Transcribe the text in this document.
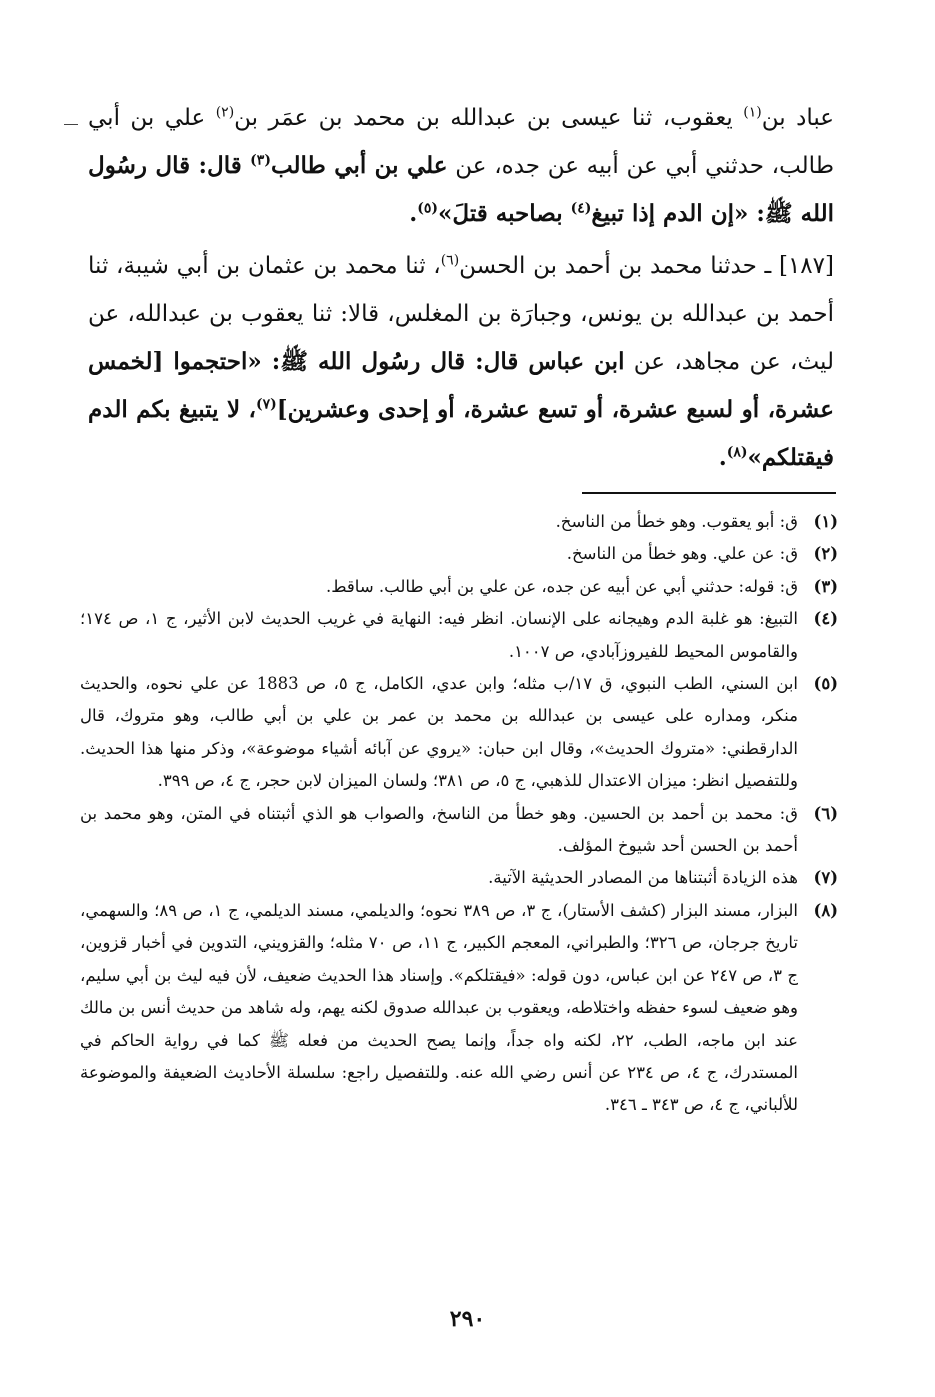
عباد بن$^{(١)}$ يعقوب، ثنا عيسى بن عبدالله بن محمد بن عمَر بن$^{(٢)}$ علي بن أبي طالب، حدثني أبي عن أبيه عن جده، عن علي بن أبي طالب$^{(٣)}$ قال: قال رسُول الله ﷺ: «إن الدم إذا تبيغ$^{(٤)}$ بصاحبه قتلَ»$^{(٥)}$.

[١٨٧] ـ حدثنا محمد بن أحمد بن الحسن$^{(٦)}$، ثنا محمد بن عثمان بن أبي شيبة، ثنا أحمد بن عبدالله بن يونس، وجبارَة بن المغلس، قالا: ثنا يعقوب بن عبدالله، عن ليث، عن مجاهد، عن ابن عباس قال: قال رسُول الله ﷺ: «احتجموا [لخمس عشرة، أو لسبع عشرة، أو تسع عشرة، أو إحدى وعشرين]$^{(٧)}$، لا يتبيغ بكم الدم فيقتلكم»$^{(٨)}$.

(١)
ق: أبو يعقوب. وهو خطأ من الناسخ.
(٢)
ق: عن علي. وهو خطأ من الناسخ.
(٣)
ق: قوله: حدثني أبي عن أبيه عن جده، عن علي بن أبي طالب. ساقط.
(٤)
التبيغ: هو غلبة الدم وهيجانه على الإنسان. انظر فيه: النهاية في غريب الحديث لابن الأثير، ج ١، ص ١٧٤؛ والقاموس المحيط للفيروزآبادي، ص ١٠٠٧.
(٥)
ابن السني، الطب النبوي، ق ١٧/ب مثله؛ وابن عدي، الكامل، ج ٥، ص 1883 عن علي نحوه، والحديث منكر، ومداره على عيسى بن عبدالله بن محمد بن عمر بن علي بن أبي طالب، وهو متروك، قال الدارقطني: «متروك الحديث»، وقال ابن حبان: «يروي عن آبائه أشياء موضوعة»، وذكر منها هذا الحديث. وللتفصيل انظر: ميزان الاعتدال للذهبي، ج ٥، ص ٣٨١؛ ولسان الميزان لابن حجر، ج ٤، ص ٣٩٩.
(٦)
ق: محمد بن أحمد بن الحسين. وهو خطأ من الناسخ، والصواب هو الذي أثبتناه في المتن، وهو محمد بن أحمد بن الحسن أحد شيوخ المؤلف.
(٧)
هذه الزيادة أثبتناها من المصادر الحديثية الآتية.
(٨)
البزار، مسند البزار (كشف الأستار)، ج ٣، ص ٣٨٩ نحوه؛ والديلمي، مسند الديلمي، ج ١، ص ٨٩؛ والسهمي، تاريخ جرجان، ص ٣٢٦؛ والطبراني، المعجم الكبير، ج ١١، ص ٧٠ مثله؛ والقزويني، التدوين في أخبار قزوين، ج ٣، ص ٢٤٧ عن ابن عباس، دون قوله: «فيقتلكم». وإسناد هذا الحديث ضعيف، لأن فيه ليث بن أبي سليم، وهو ضعيف لسوء حفظه واختلاطه، ويعقوب بن عبدالله صدوق لكنه يهم، وله شاهد من حديث أنس بن مالك عند ابن ماجه، الطب، ٢٢، لكنه واه جداً، وإنما يصح الحديث من فعله ﷺ كما في رواية الحاكم في المستدرك، ج ٤، ص ٢٣٤ عن أنس رضي الله عنه. وللتفصيل راجع: سلسلة الأحاديث الضعيفة والموضوعة للألباني، ج ٤، ص ٣٤٣ ـ ٣٤٦.
٢٩٠
